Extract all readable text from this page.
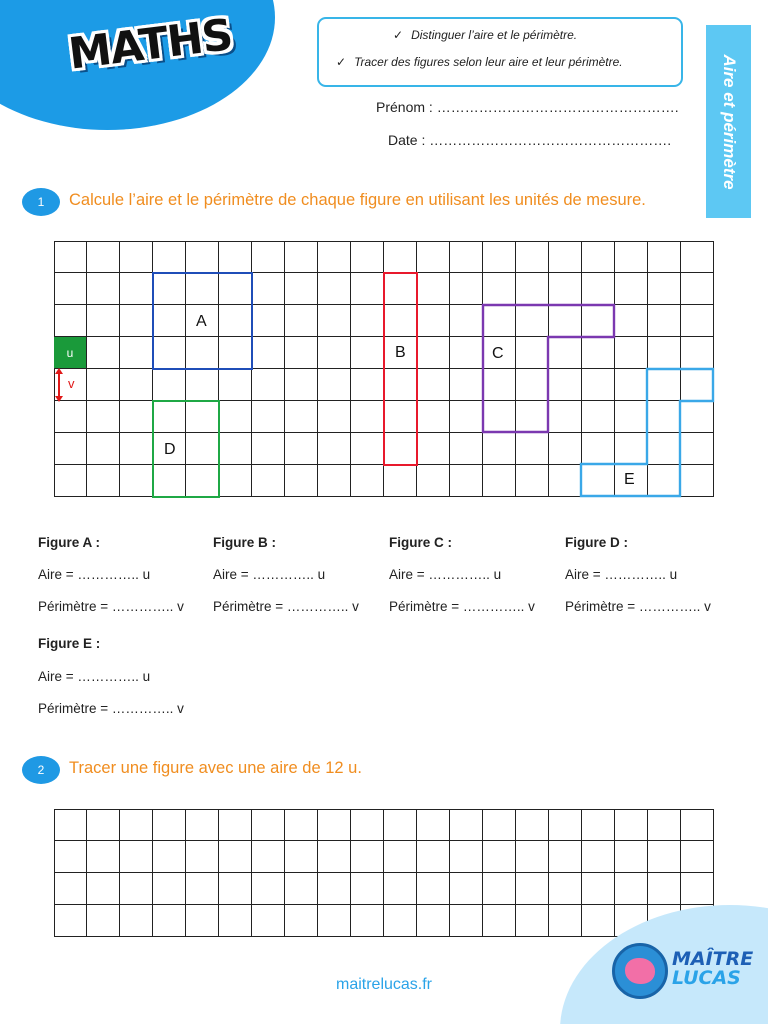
MATHS	✓ Distinguer l’aire et le périmètre.
✓ Tracer des figures selon leur aire et leur périmètre.
Prénom : …………………………………………….
Date : …………………………………………….	Aire et périmètre
1	Calcule l’aire et le périmètre de chaque figure en utilisant les unités de mesure.
u
v
A
B	C
D
E
Figure A :
Aire = ………….. u
Périmètre = ………….. v
Figure B :
Aire = ………….. u
Périmètre = ………….. v
Figure C :
Aire = ………….. u
Périmètre = ………….. v
Figure D :
Aire = ………….. u
Périmètre = ………….. v
Figure E :
Aire = ………….. u
Périmètre = ………….. v
2	Tracer une figure avec une aire de 12 u.
MAÎTRE
LUCAS
maitrelucas.fr
